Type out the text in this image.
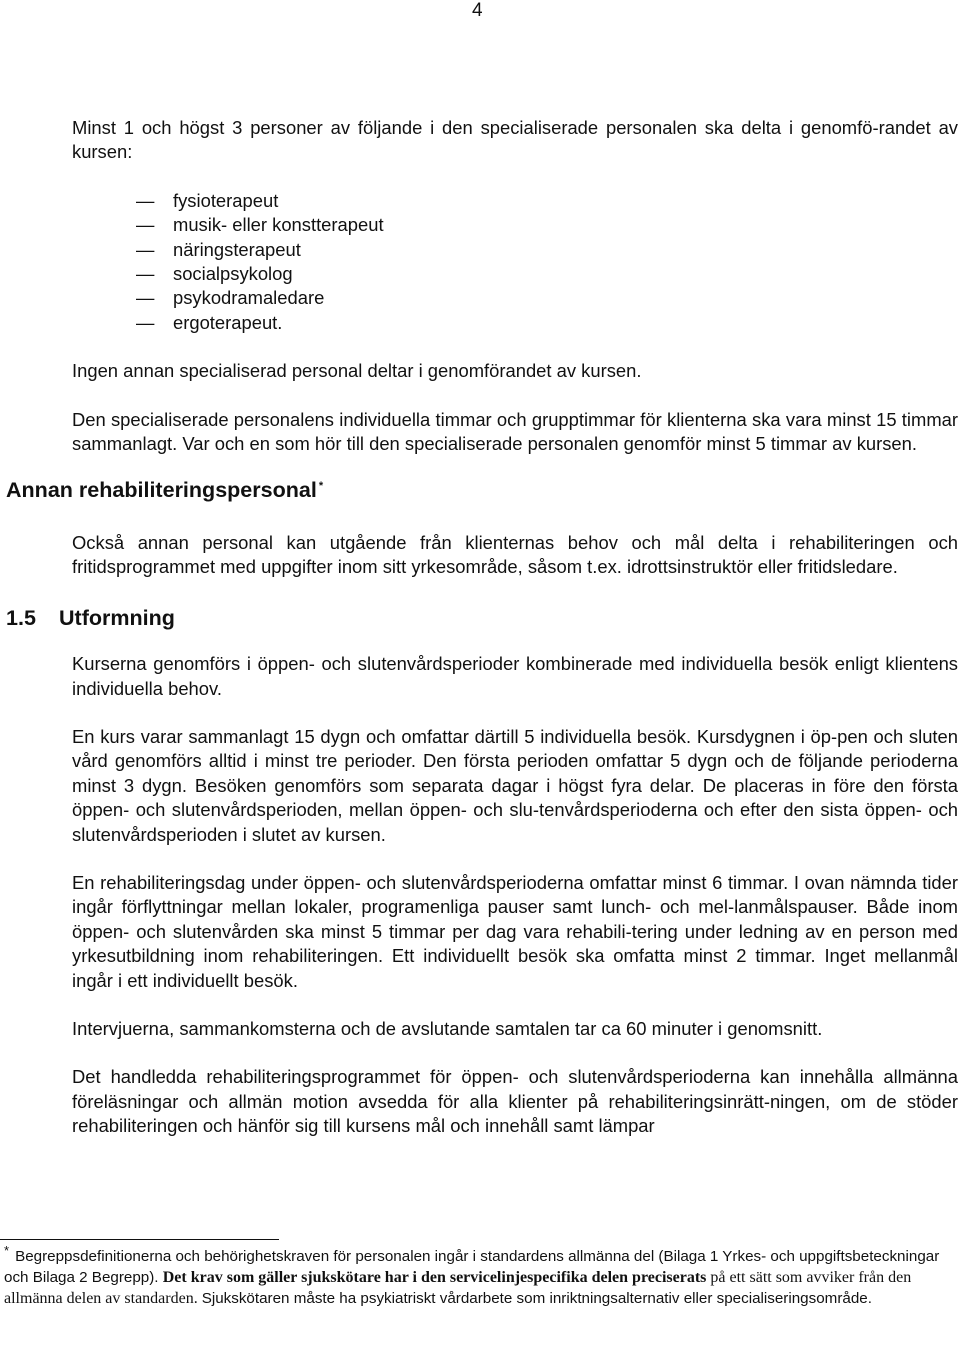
4

Minst 1 och högst 3 personer av följande i den specialiserade personalen ska delta i genomfö-randet av kursen:

— fysioterapeut
— musik- eller konstterapeut
— näringsterapeut
— socialpsykolog
— psykodramaledare
— ergoterapeut.

Ingen annan specialiserad personal deltar i genomförandet av kursen.

Den specialiserade personalens individuella timmar och grupptimmar för klienterna ska vara minst 15 timmar sammanlagt. Var och en som hör till den specialiserade personalen genomför minst 5 timmar av kursen.

Annan rehabiliteringspersonal *

Också annan personal kan utgående från klienternas behov och mål delta i rehabiliteringen och fritidsprogrammet med uppgifter inom sitt yrkesområde, såsom t.ex. idrottsinstruktör eller fritidsledare.

1.5 Utformning

Kurserna genomförs i öppen- och slutenvårdsperioder kombinerade med individuella besök enligt klientens individuella behov.

En kurs varar sammanlagt 15 dygn och omfattar därtill 5 individuella besök. Kursdygnen i öp-pen och sluten vård genomförs alltid i minst tre perioder. Den första perioden omfattar 5 dygn och de följande perioderna minst 3 dygn. Besöken genomförs som separata dagar i högst fyra delar. De placeras in före den första öppen- och slutenvårdsperioden, mellan öppen- och slu-tenvårdsperioderna och efter den sista öppen- och slutenvårdsperioden i slutet av kursen.

En rehabiliteringsdag under öppen- och slutenvårdsperioderna omfattar minst 6 timmar. I ovan nämnda tider ingår förflyttningar mellan lokaler, programenliga pauser samt lunch- och mel-lanmålspauser. Både inom öppen- och slutenvården ska minst 5 timmar per dag vara rehabili-tering under ledning av en person med yrkesutbildning inom rehabiliteringen. Ett individuellt besök ska omfatta minst 2 timmar. Inget mellanmål ingår i ett individuellt besök.

Intervjuerna, sammankomsterna och de avslutande samtalen tar ca 60 minuter i genomsnitt.

Det handledda rehabiliteringsprogrammet för öppen- och slutenvårdsperioderna kan innehålla allmänna föreläsningar och allmän motion avsedda för alla klienter på rehabiliteringsinrätt-ningen, om de stöder rehabiliteringen och hänför sig till kursens mål och innehåll samt lämpar

* Begreppsdefinitionerna och behörighetskraven för personalen ingår i standardens allmänna del (Bilaga 1 Yrkes- och uppgiftsbeteckningar och Bilaga 2 Begrepp). Det krav som gäller sjukskötare har i den servicelinjespecifika delen preciserats på ett sätt som avviker från den allmänna delen av standarden. Sjukskötaren måste ha psykiatriskt vårdarbete som inriktningsalternativ eller specialiseringsområde.
